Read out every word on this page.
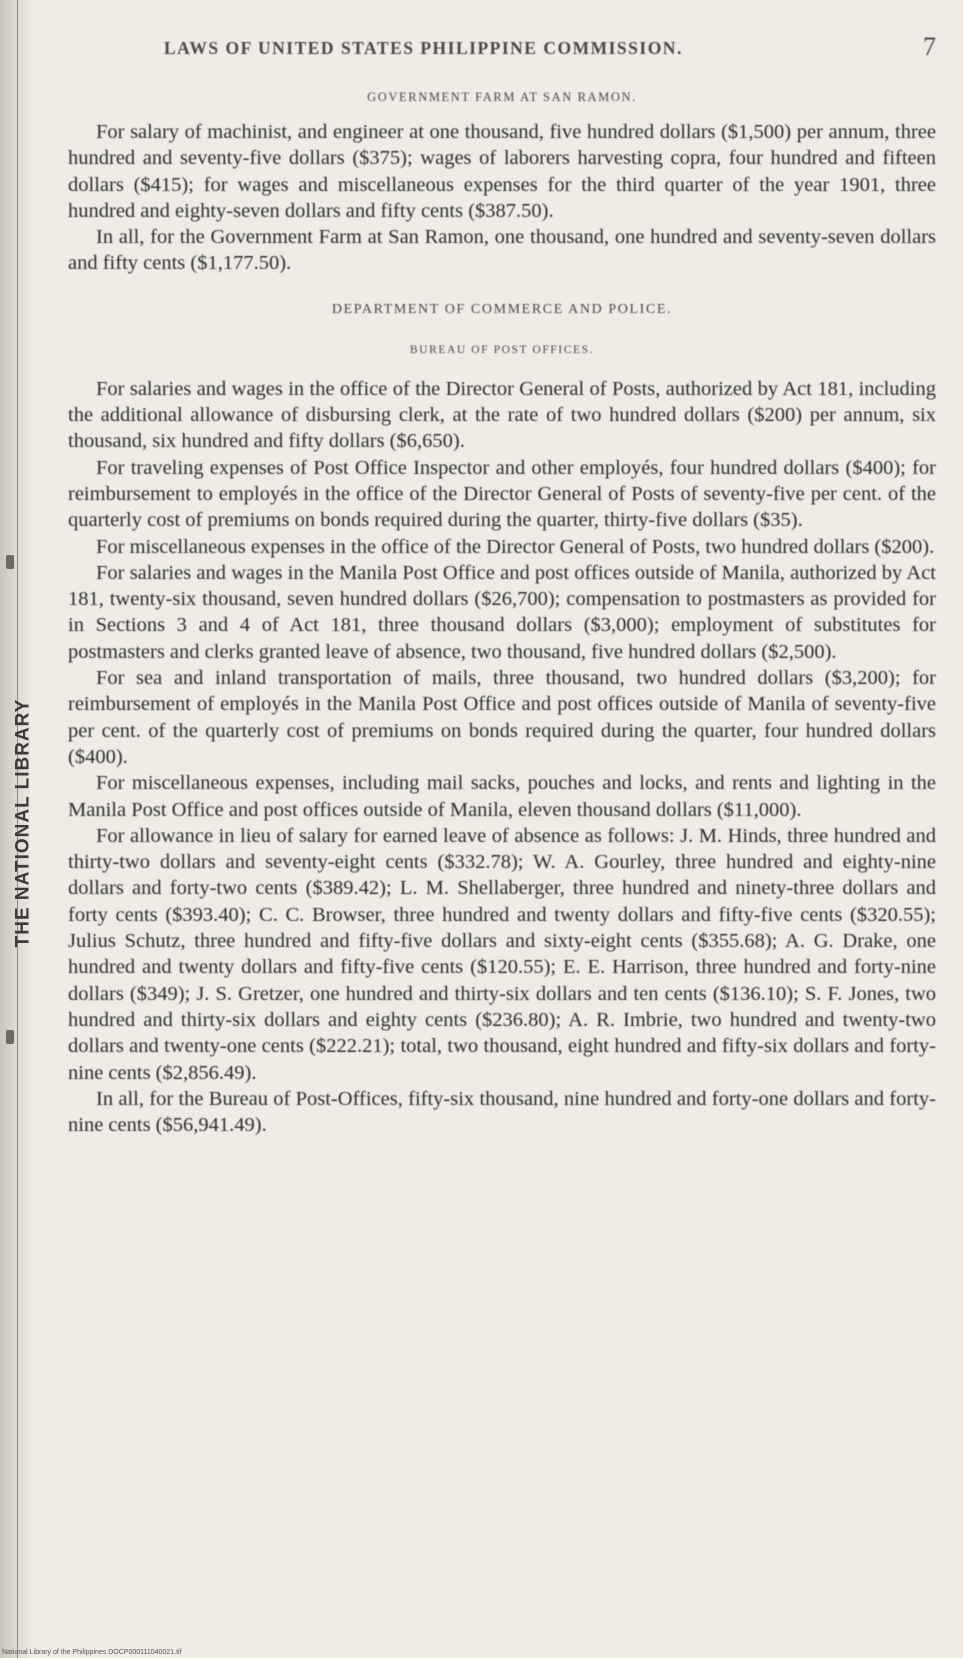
THE NATIONAL LIBRARY
LAWS OF UNITED STATES PHILIPPINE COMMISSION.	7
GOVERNMENT FARM AT SAN RAMON.

For salary of machinist, and engineer at one thousand, five hundred dollars ($1,500) per annum, three hundred and seventy-five dollars ($375); wages of laborers harvesting copra, four hundred and fifteen dollars ($415); for wages and miscellaneous expenses for the third quarter of the year 1901, three hundred and eighty-seven dollars and fifty cents ($387.50).

In all, for the Government Farm at San Ramon, one thousand, one hundred and seventy-seven dollars and fifty cents ($1,177.50).

DEPARTMENT OF COMMERCE AND POLICE.
BUREAU OF POST OFFICES.

For salaries and wages in the office of the Director General of Posts, authorized by Act 181, including the additional allowance of disbursing clerk, at the rate of two hundred dollars ($200) per annum, six thousand, six hundred and fifty dollars ($6,650).

For traveling expenses of Post Office Inspector and other employés, four hundred dollars ($400); for reimbursement to employés in the office of the Director General of Posts of seventy-five per cent. of the quarterly cost of premiums on bonds required during the quarter, thirty-five dollars ($35).

For miscellaneous expenses in the office of the Director General of Posts, two hundred dollars ($200).

For salaries and wages in the Manila Post Office and post offices outside of Manila, authorized by Act 181, twenty-six thousand, seven hundred dollars ($26,700); compensation to postmasters as provided for in Sections 3 and 4 of Act 181, three thousand dollars ($3,000); employment of substitutes for postmasters and clerks granted leave of absence, two thousand, five hundred dollars ($2,500).

For sea and inland transportation of mails, three thousand, two hundred dollars ($3,200); for reimbursement of employés in the Manila Post Office and post offices outside of Manila of seventy-five per cent. of the quarterly cost of premiums on bonds required during the quarter, four hundred dollars ($400).

For miscellaneous expenses, including mail sacks, pouches and locks, and rents and lighting in the Manila Post Office and post offices outside of Manila, eleven thousand dollars ($11,000).

For allowance in lieu of salary for earned leave of absence as follows: J. M. Hinds, three hundred and thirty-two dollars and seventy-eight cents ($332.78); W. A. Gourley, three hundred and eighty-nine dollars and forty-two cents ($389.42); L. M. Shellaberger, three hundred and ninety-three dollars and forty cents ($393.40); C. C. Browser, three hundred and twenty dollars and fifty-five cents ($320.55); Julius Schutz, three hundred and fifty-five dollars and sixty-eight cents ($355.68); A. G. Drake, one hundred and twenty dollars and fifty-five cents ($120.55); E. E. Harrison, three hundred and forty-nine dollars ($349); J. S. Gretzer, one hundred and thirty-six dollars and ten cents ($136.10); S. F. Jones, two hundred and thirty-six dollars and eighty cents ($236.80); A. R. Imbrie, two hundred and twenty-two dollars and twenty-one cents ($222.21); total, two thousand, eight hundred and fifty-six dollars and forty-nine cents ($2,856.49).

In all, for the Bureau of Post-Offices, fifty-six thousand, nine hundred and forty-one dollars and forty-nine cents ($56,941.49).

National Library of the Philippines DOCP000111040021.tif
